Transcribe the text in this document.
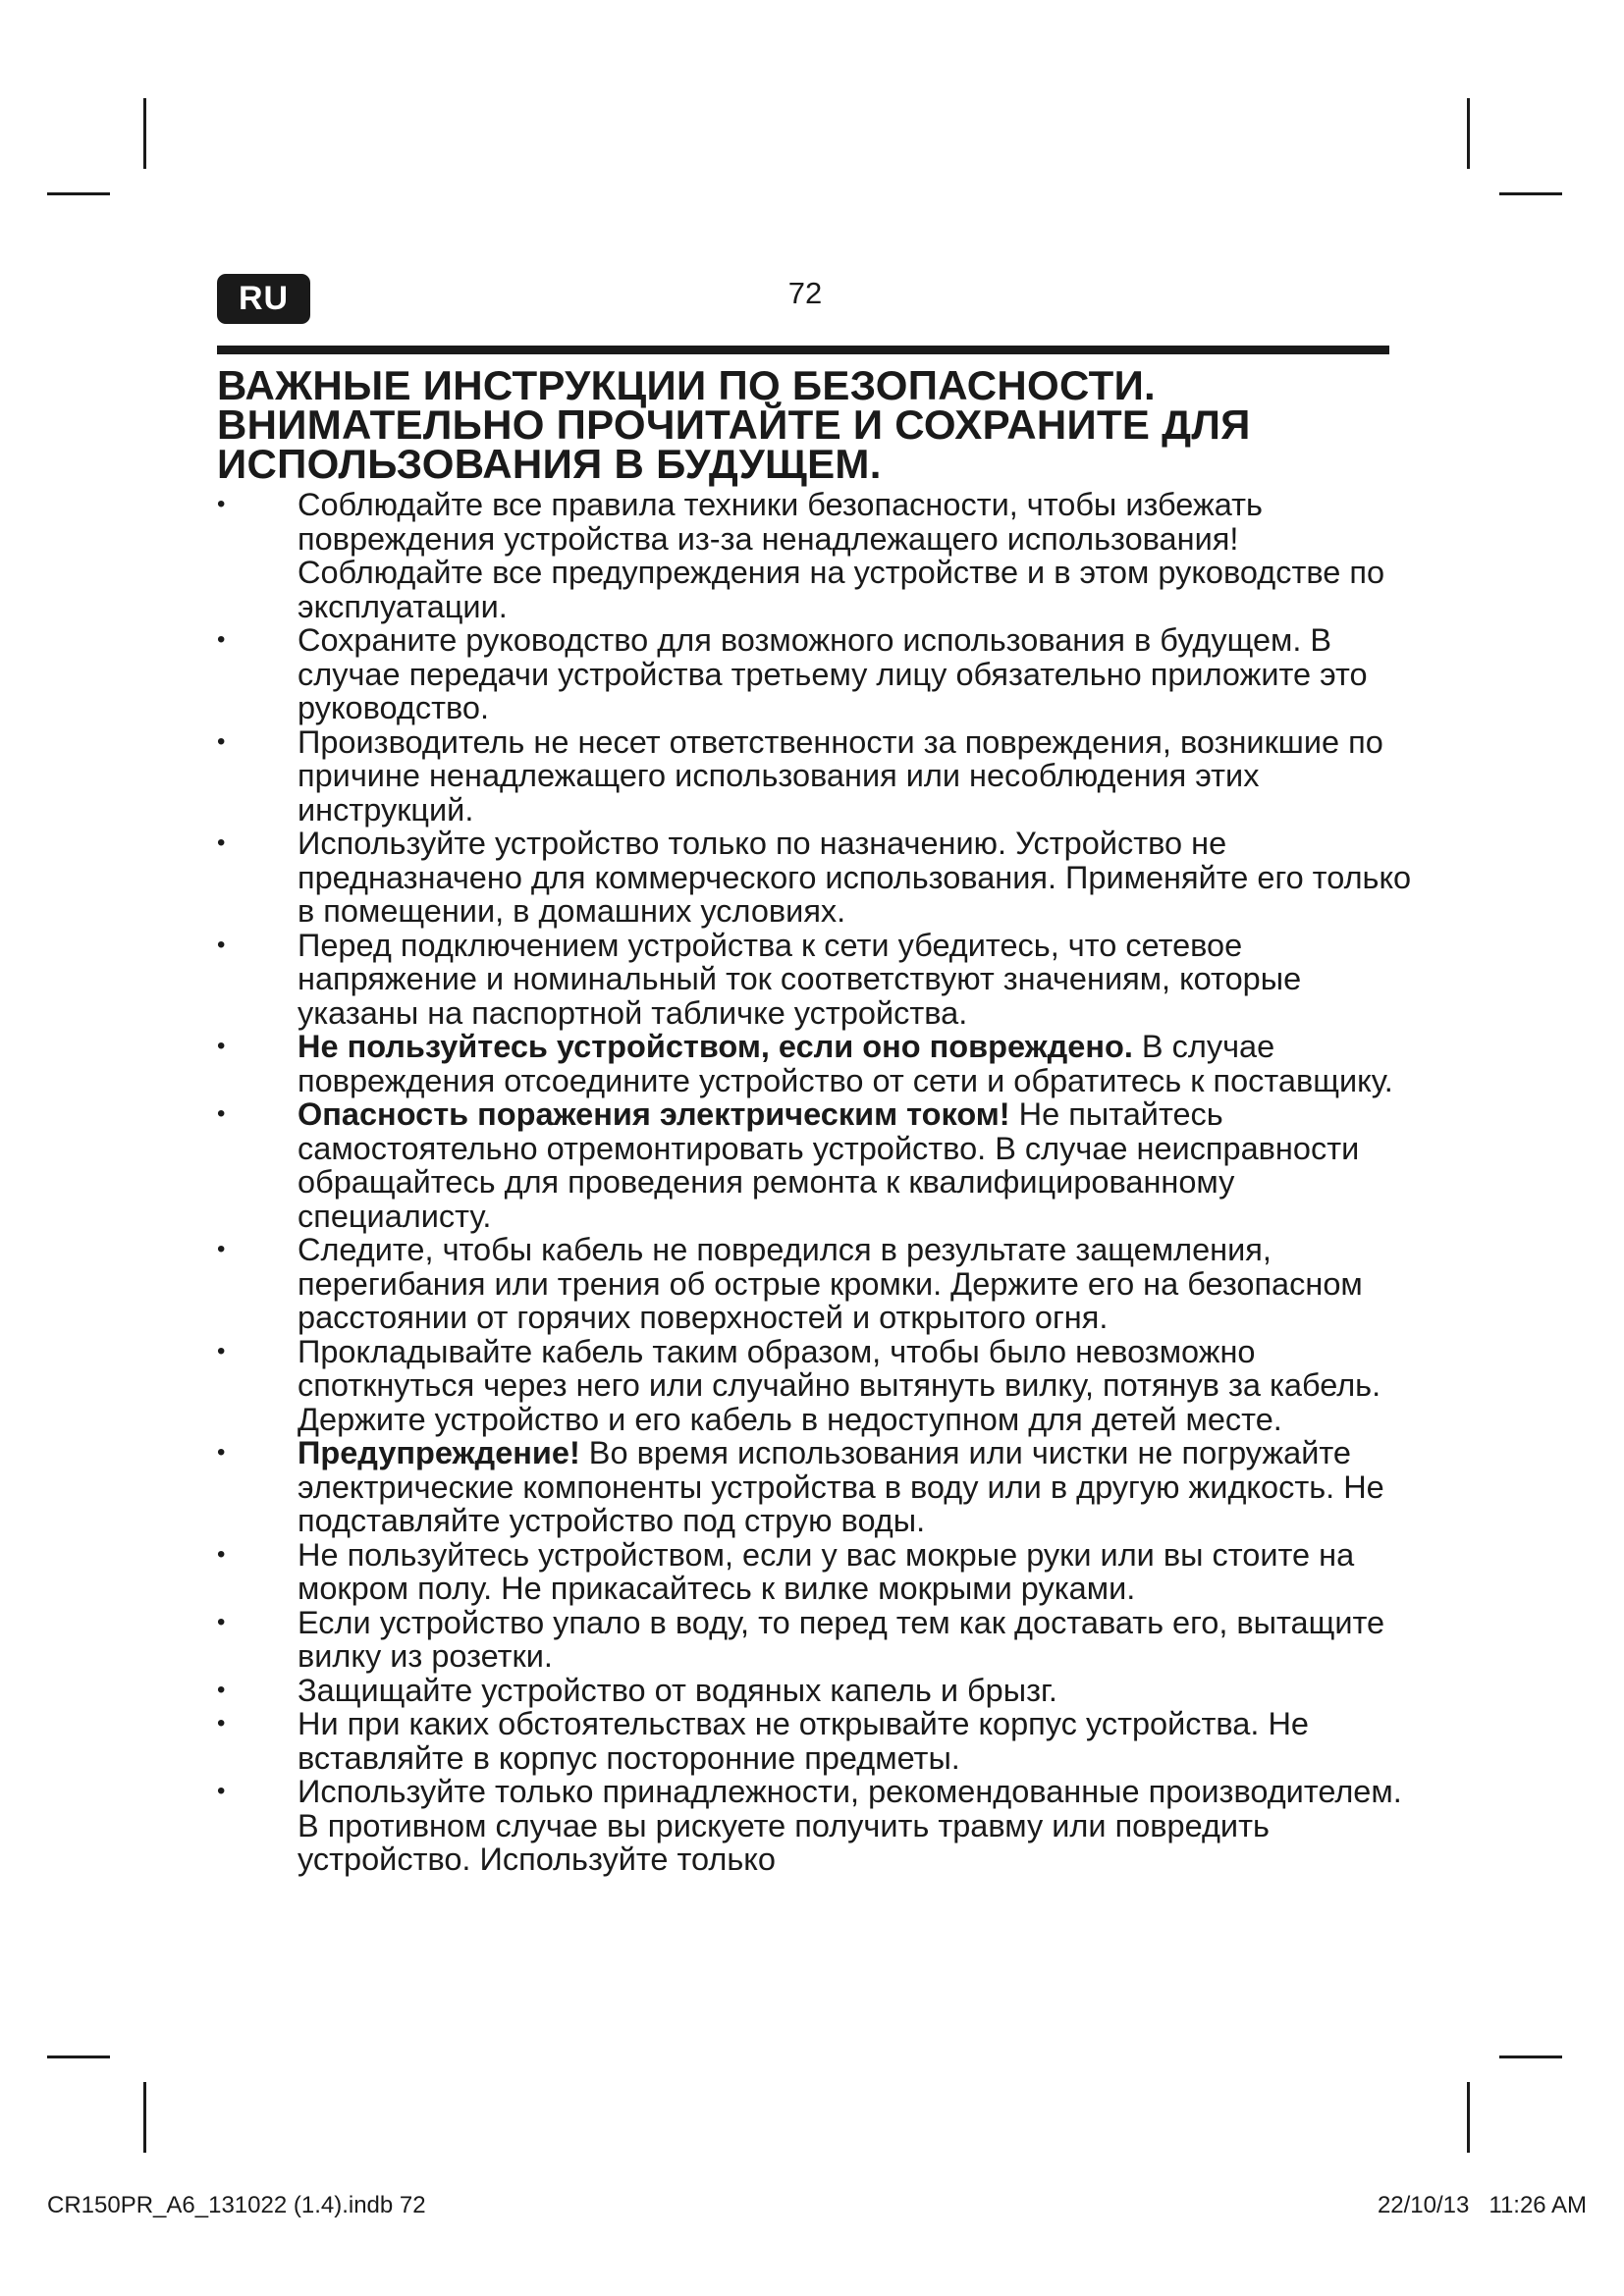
RU	72
ВАЖНЫЕ ИНСТРУКЦИИ ПО БЕЗОПАСНОСТИ. ВНИМАТЕЛЬНО ПРОЧИТАЙТЕ И СОХРАНИТЕ ДЛЯ ИСПОЛЬЗОВАНИЯ В БУДУЩЕМ.
•	Соблюдайте все правила техники безопасности, чтобы избежать повреждения устройства из-за ненадлежащего использования! Соблюдайте все предупреждения на устройстве и в этом руководстве по эксплуатации.
•	Сохраните руководство для возможного использования в будущем. В случае передачи устройства третьему лицу обязательно приложите это руководство.
•	Производитель не несет ответственности за повреждения, возникшие по причине ненадлежащего использования или несоблюдения этих инструкций.
•	Используйте устройство только по назначению. Устройство не предназначено для коммерческого использования. Применяйте его только в помещении, в домашних условиях.
•	Перед подключением устройства к сети убедитесь, что сетевое напряжение и номинальный ток соответствуют значениям, которые указаны на паспортной табличке устройства.
•	Не пользуйтесь устройством, если оно повреждено. В случае повреждения отсоедините устройство от сети и обратитесь к поставщику.
•	Опасность поражения электрическим током! Не пытайтесь самостоятельно отремонтировать устройство. В случае неисправности обращайтесь для проведения ремонта к квалифицированному специалисту.
•	Следите, чтобы кабель не повредился в результате защемления, перегибания или трения об острые кромки. Держите его на безопасном расстоянии от горячих поверхностей и открытого огня.
•	Прокладывайте кабель таким образом, чтобы было невозможно споткнуться через него или случайно вытянуть вилку, потянув за кабель. Держите устройство и его кабель в недоступном для детей месте.
•	Предупреждение! Во время использования или чистки не погружайте электрические компоненты устройства в воду или в другую жидкость. Не подставляйте устройство под струю воды.
•	Не пользуйтесь устройством, если у вас мокрые руки или вы стоите на мокром полу. Не прикасайтесь к вилке мокрыми руками.
•	Если устройство упало в воду, то перед тем как доставать его, вытащите вилку из розетки.
•	Защищайте устройство от водяных капель и брызг.
•	Ни при каких обстоятельствах не открывайте корпус устройства. Не вставляйте в корпус посторонние предметы.
•	Используйте только принадлежности, рекомендованные производителем. В противном случае вы рискуете получить травму или повредить устройство. Используйте только
CR150PR_A6_131022 (1.4).indb 72	22/10/13 11:26 AM
